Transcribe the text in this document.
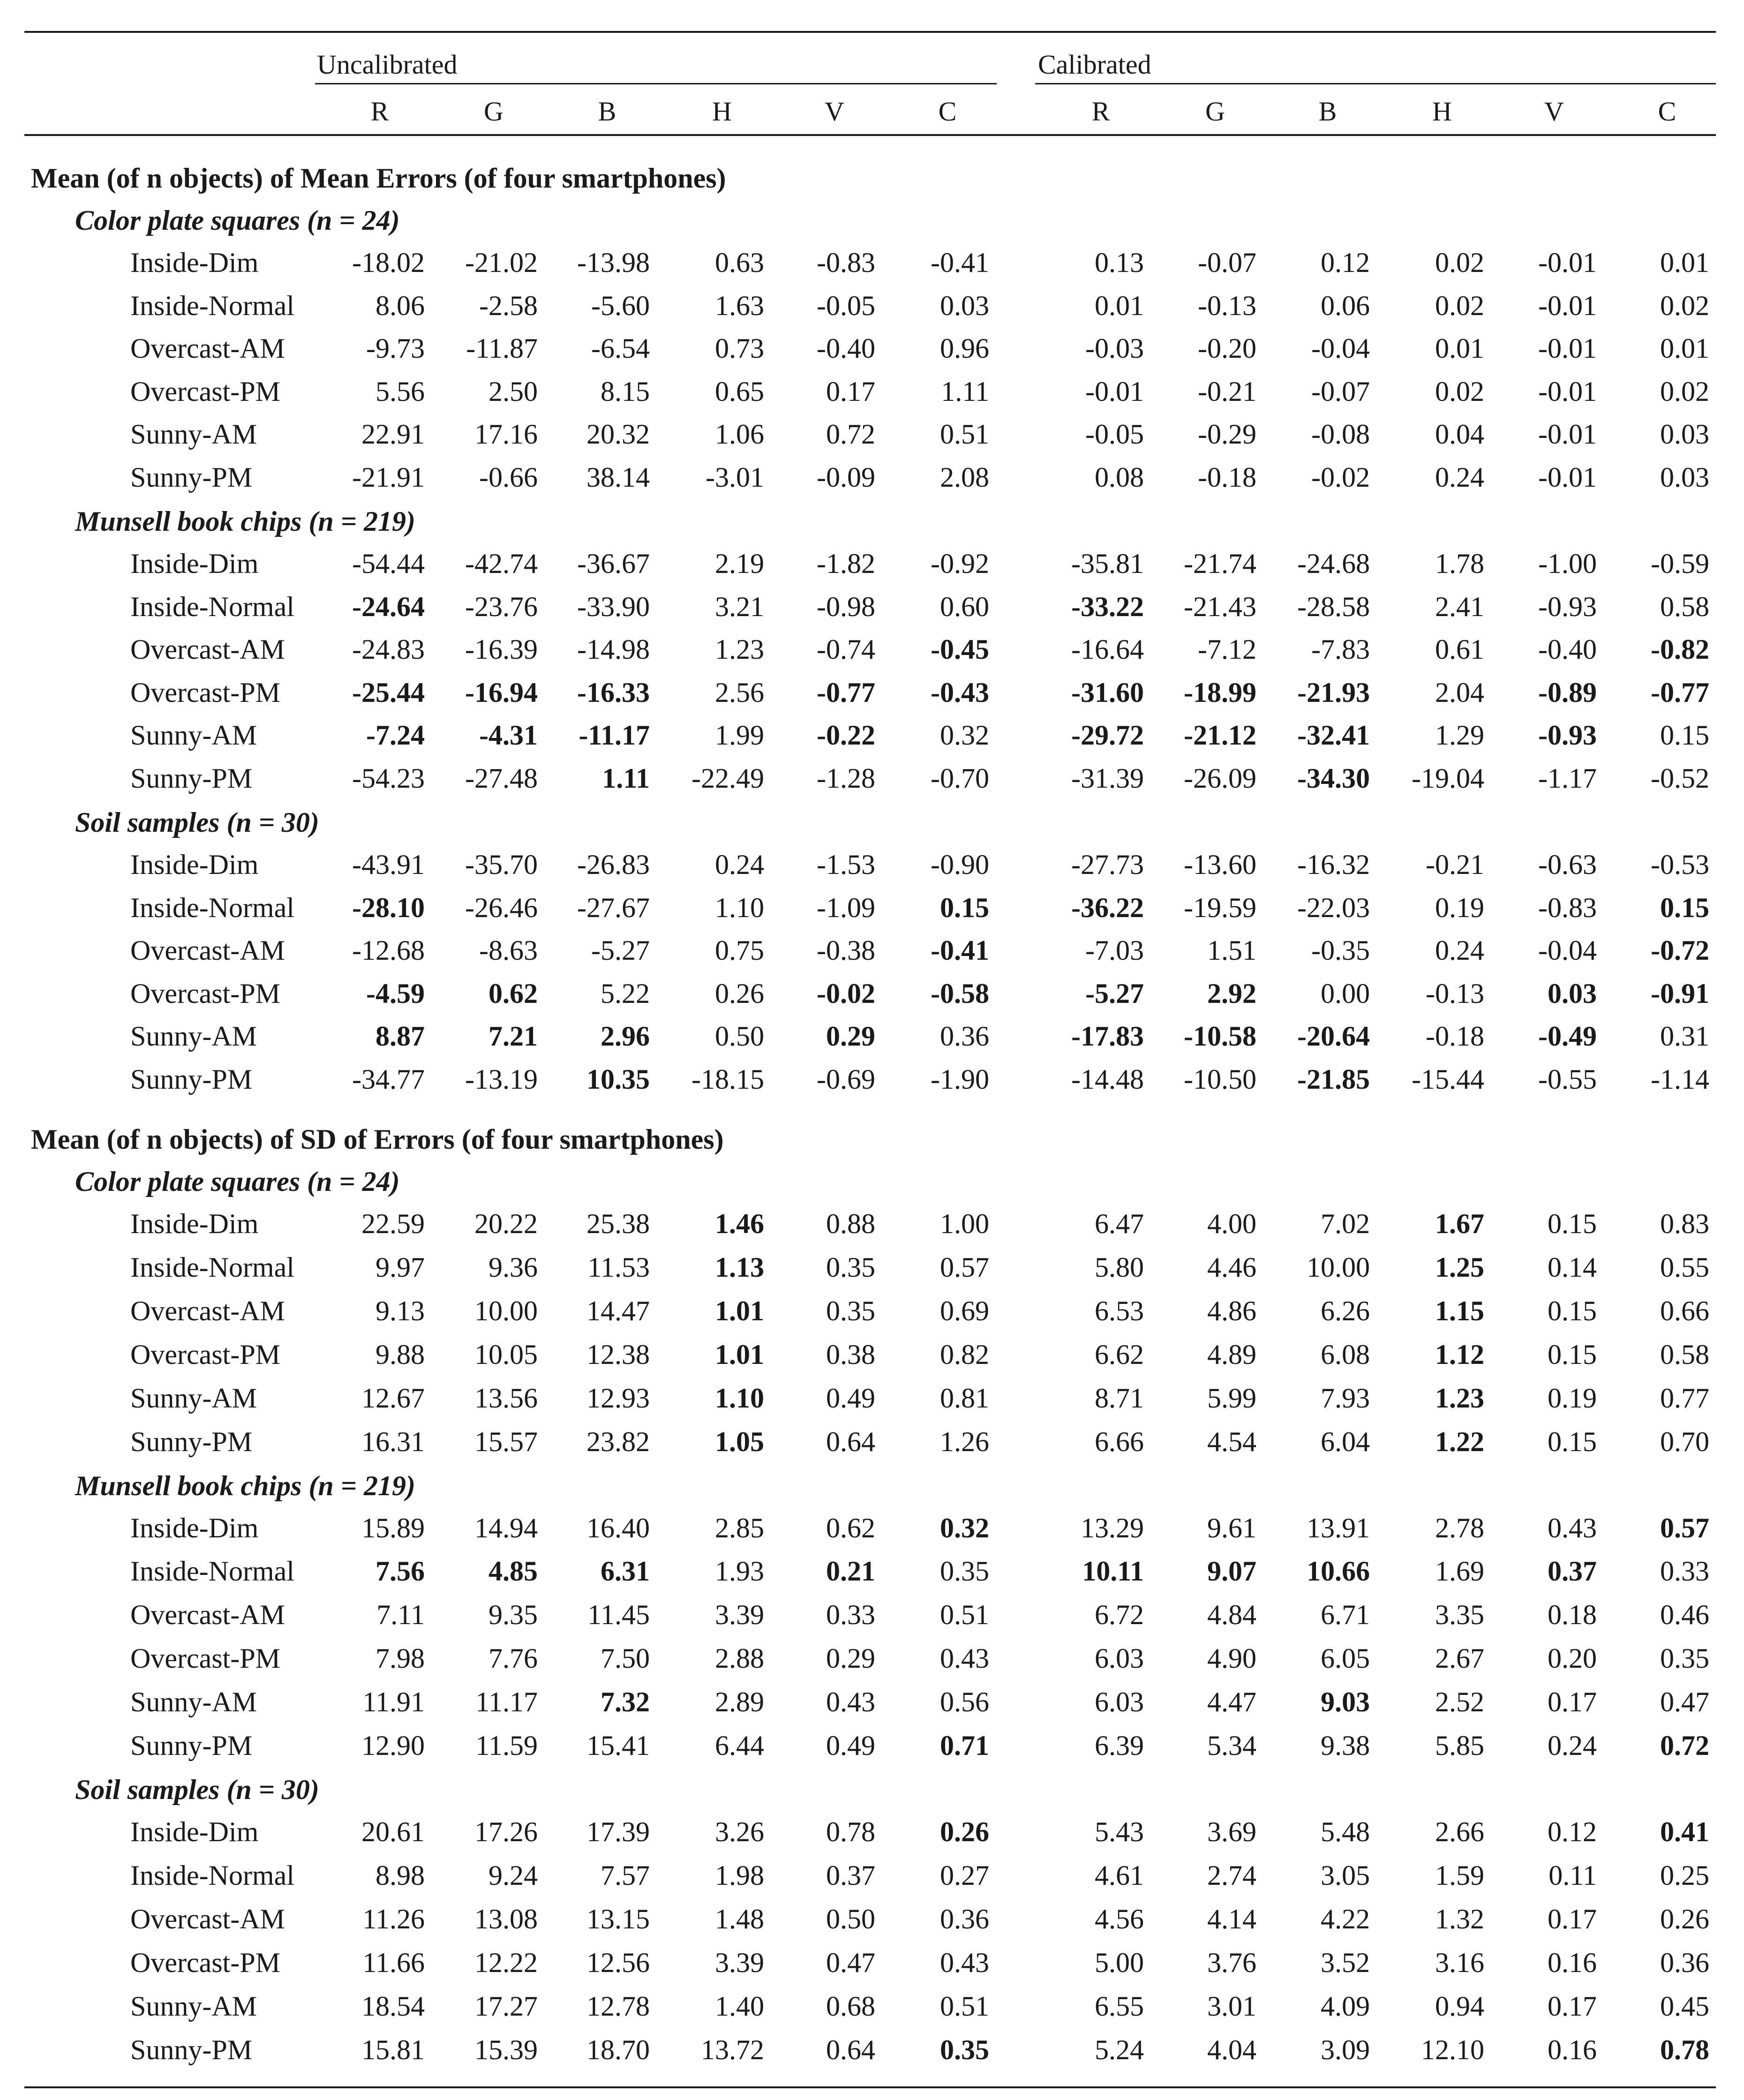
Uncalibrated	Calibrated
R	G	B	H	V	C	R	G	B	H	V	C
Mean (of n objects) of Mean Errors (of four smartphones)
Color plate squares (n = 24)
Inside-Dim	-18.02	-21.02	-13.98	0.63	-0.83	-0.41	0.13	-0.07	0.12	0.02	-0.01	0.01
Inside-Normal	8.06	-2.58	-5.60	1.63	-0.05	0.03	0.01	-0.13	0.06	0.02	-0.01	0.02
Overcast-AM	-9.73	-11.87	-6.54	0.73	-0.40	0.96	-0.03	-0.20	-0.04	0.01	-0.01	0.01
Overcast-PM	5.56	2.50	8.15	0.65	0.17	1.11	-0.01	-0.21	-0.07	0.02	-0.01	0.02
Sunny-AM	22.91	17.16	20.32	1.06	0.72	0.51	-0.05	-0.29	-0.08	0.04	-0.01	0.03
Sunny-PM	-21.91	-0.66	38.14	-3.01	-0.09	2.08	0.08	-0.18	-0.02	0.24	-0.01	0.03
Munsell book chips (n = 219)
Inside-Dim	-54.44	-42.74	-36.67	2.19	-1.82	-0.92	-35.81	-21.74	-24.68	1.78	-1.00	-0.59
Inside-Normal	-24.64	-23.76	-33.90	3.21	-0.98	0.60	-33.22	-21.43	-28.58	2.41	-0.93	0.58
Overcast-AM	-24.83	-16.39	-14.98	1.23	-0.74	-0.45	-16.64	-7.12	-7.83	0.61	-0.40	-0.82
Overcast-PM	-25.44	-16.94	-16.33	2.56	-0.77	-0.43	-31.60	-18.99	-21.93	2.04	-0.89	-0.77
Sunny-AM	-7.24	-4.31	-11.17	1.99	-0.22	0.32	-29.72	-21.12	-32.41	1.29	-0.93	0.15
Sunny-PM	-54.23	-27.48	1.11	-22.49	-1.28	-0.70	-31.39	-26.09	-34.30	-19.04	-1.17	-0.52
Soil samples (n = 30)
Inside-Dim	-43.91	-35.70	-26.83	0.24	-1.53	-0.90	-27.73	-13.60	-16.32	-0.21	-0.63	-0.53
Inside-Normal	-28.10	-26.46	-27.67	1.10	-1.09	0.15	-36.22	-19.59	-22.03	0.19	-0.83	0.15
Overcast-AM	-12.68	-8.63	-5.27	0.75	-0.38	-0.41	-7.03	1.51	-0.35	0.24	-0.04	-0.72
Overcast-PM	-4.59	0.62	5.22	0.26	-0.02	-0.58	-5.27	2.92	0.00	-0.13	0.03	-0.91
Sunny-AM	8.87	7.21	2.96	0.50	0.29	0.36	-17.83	-10.58	-20.64	-0.18	-0.49	0.31
Sunny-PM	-34.77	-13.19	10.35	-18.15	-0.69	-1.90	-14.48	-10.50	-21.85	-15.44	-0.55	-1.14
Mean (of n objects) of SD of Errors (of four smartphones)
Color plate squares (n = 24)
Inside-Dim	22.59	20.22	25.38	1.46	0.88	1.00	6.47	4.00	7.02	1.67	0.15	0.83
Inside-Normal	9.97	9.36	11.53	1.13	0.35	0.57	5.80	4.46	10.00	1.25	0.14	0.55
Overcast-AM	9.13	10.00	14.47	1.01	0.35	0.69	6.53	4.86	6.26	1.15	0.15	0.66
Overcast-PM	9.88	10.05	12.38	1.01	0.38	0.82	6.62	4.89	6.08	1.12	0.15	0.58
Sunny-AM	12.67	13.56	12.93	1.10	0.49	0.81	8.71	5.99	7.93	1.23	0.19	0.77
Sunny-PM	16.31	15.57	23.82	1.05	0.64	1.26	6.66	4.54	6.04	1.22	0.15	0.70
Munsell book chips (n = 219)
Inside-Dim	15.89	14.94	16.40	2.85	0.62	0.32	13.29	9.61	13.91	2.78	0.43	0.57
Inside-Normal	7.56	4.85	6.31	1.93	0.21	0.35	10.11	9.07	10.66	1.69	0.37	0.33
Overcast-AM	7.11	9.35	11.45	3.39	0.33	0.51	6.72	4.84	6.71	3.35	0.18	0.46
Overcast-PM	7.98	7.76	7.50	2.88	0.29	0.43	6.03	4.90	6.05	2.67	0.20	0.35
Sunny-AM	11.91	11.17	7.32	2.89	0.43	0.56	6.03	4.47	9.03	2.52	0.17	0.47
Sunny-PM	12.90	11.59	15.41	6.44	0.49	0.71	6.39	5.34	9.38	5.85	0.24	0.72
Soil samples (n = 30)
Inside-Dim	20.61	17.26	17.39	3.26	0.78	0.26	5.43	3.69	5.48	2.66	0.12	0.41
Inside-Normal	8.98	9.24	7.57	1.98	0.37	0.27	4.61	2.74	3.05	1.59	0.11	0.25
Overcast-AM	11.26	13.08	13.15	1.48	0.50	0.36	4.56	4.14	4.22	1.32	0.17	0.26
Overcast-PM	11.66	12.22	12.56	3.39	0.47	0.43	5.00	3.76	3.52	3.16	0.16	0.36
Sunny-AM	18.54	17.27	12.78	1.40	0.68	0.51	6.55	3.01	4.09	0.94	0.17	0.45
Sunny-PM	15.81	15.39	18.70	13.72	0.64	0.35	5.24	4.04	3.09	12.10	0.16	0.78
